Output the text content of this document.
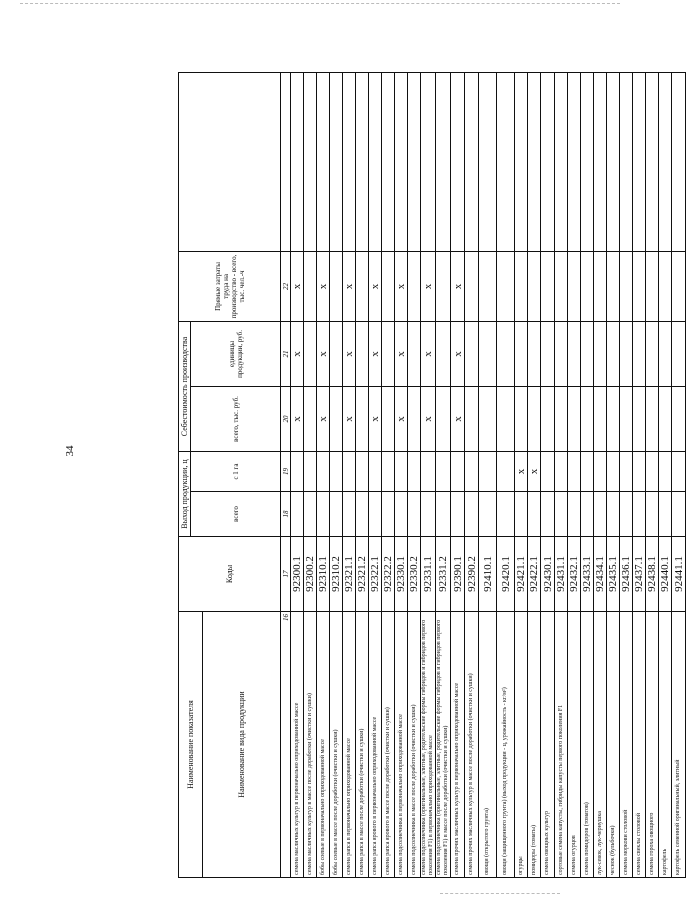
34
Наименование показателя	Коды	Выход продукции, ц		Себестоимость производства		Прямые затраты труда на производство - всего, тыс. чел.-ч	
		всего	с 1 га	всего, тыс. руб.	единицы продукции, руб.		
Наименование вида продукции							
16	17	18	19	20	21	22	
семена масличных культур в первоначально оприходованной массе	92300.1			х	х	х	
семена масличных культур в массе после доработки (очистки и сушки)	92300.2						
бобы соевые в первоначально оприходованной массе	92310.1			х	х	х	
бобы соевые в массе после доработки (очистки и сушки)	92310.2						
семена рапса в первоначально оприходованной массе	92321.1			х	х	х	
семена рапса в массе после доработки (очистки и сушки)	92321.2						
семена рапса ярового в первоначально оприходованной массе	92322.1			х	х	х	
семена рапса ярового в массе после доработки (очистки и сушки)	92322.2						
семена подсолнечника в первоначально оприходованной массе	92330.1			х	х	х	
семена подсолнечника в массе после доработки (очистки и сушки)	92330.2						
семена подсолнечника (оригинальные, элитные, родительские формы гибридов и гибридов первого поколения F1) в первоначально оприходованной массе	92331.1			х	х	х	
семена подсолнечника (оригинальные, элитные, родительские формы гибридов и гибридов первого поколения F1) в массе после доработки (очистки и сушки)	92331.2						
семена прочих масличных культур в первоначально оприходованной массе	92390.1			х	х	х	
семена прочих масличных культур в массе после доработки (очистки и сушки)	92390.2						
овощи (открытого грунта)	92410.1						
овощи (защищенного грунта) (выход продукции - ц, урожайность - кг/м²)	92420.1						
огурцы	92421.1		х				
помидоры (томаты)	92422.1		х				
семена овощных культур	92430.1						
сортовые семена капусты, гибриды капусты первого поколения F1	92431.1						
семена огурцов	92432.1						
семена помидоров (томатов)	92433.1						
лук-севок, лук-чернушка	92434.1						
чеснок (бульбочки)	92435.1						
семена моркови столовой	92436.1						
семена свеклы столовой	92437.1						
семена гороха овощного	92438.1						
картофель	92440.1						
картофель семенной оригинальный, элитный	92441.1						
